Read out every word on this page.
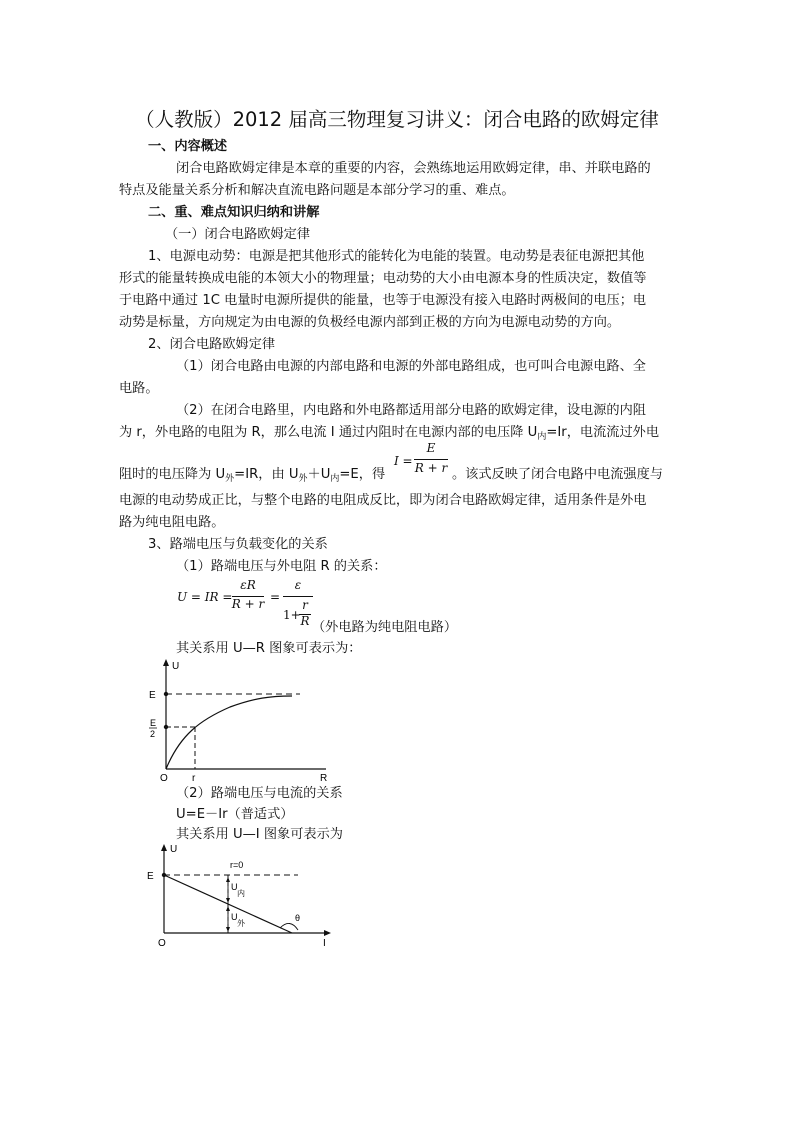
（人教版）2012 届高三物理复习讲义：闭合电路的欧姆定律
一、内容概述
闭合电路欧姆定律是本章的重要的内容，会熟练地运用欧姆定律，串、并联电路的
特点及能量关系分析和解决直流电路问题是本部分学习的重、难点。
二、重、难点知识归纳和讲解
（一）闭合电路欧姆定律
1、电源电动势：电源是把其他形式的能转化为电能的装置。电动势是表征电源把其他
形式的能量转换成电能的本领大小的物理量；电动势的大小由电源本身的性质决定，数值等
于电路中通过 1C 电量时电源所提供的能量，也等于电源没有接入电路时两极间的电压；电
动势是标量，方向规定为由电源的负极经电源内部到正极的方向为电源电动势的方向。
2、闭合电路欧姆定律
（1）闭合电路由电源的内部电路和电源的外部电路组成，也可叫合电源电路、全
电路。
（2）在闭合电路里，内电路和外电路都适用部分电路的欧姆定律，设电源的内阻
为 r，外电路的电阻为 R，那么电流 I 通过内阻时在电源内部的电压降 $U_内=Ir$，电流流过外电
阻时的电压降为 $U_外=IR$，由 $U_外+U_内=E$，得
I =
E
R + r 。该式反映了闭合电路中电流强度与
电源的电动势成正比，与整个电路的电阻成反比，即为闭合电路欧姆定律，适用条件是外电
路为纯电阻电路。
3、路端电压与负载变化的关系
（1）路端电压与外电阻 R 的关系：
U = IR =
εR
R + r =
ε
1+
r
R （外电路为纯电阻电路）
其关系用 U—R 图象可表示为：
U
R
O
E
E
2
r
（2）路端电压与电流的关系
U=E－Ir（普适式）
其关系用 U—I 图象可表示为
U
I
O
E
r=0
U
内
U
外
θ
